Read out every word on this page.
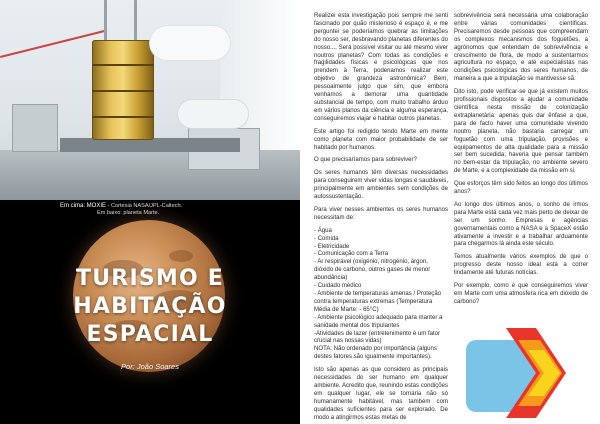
Em cima: MOXIE - Cortesia NASA/JPL-Caltech.
Em baixo: planeta Marte.
TURISMO E
HABITAÇÃO
ESPACIAL
Por: João Soares

Realizei esta investigação pois sempre me senti fascinado por quão misterioso é espaço é, e me perguntei se poderíamos quebrar as limitações do nosso ser, desbravando planetas diferentes do nosso.... Será possível visitar ou até mesmo viver noutros planetas? Com todas as condições e fragilidades físicas e psicológicas que nos prendem à Terra, poderiamos realizar este objetivo de grandeza astronômica? Bem, pessoalmente julgo que sim, que embora venhamos a demorar uma quantidade substancial de tempo, com muito trabalho árduo em vários planos da ciência e alguma esperança, conseguiremos viajar e habitar outros planetas.

Este artigo foi redigido tendo Marte em mente como planeta com maior probabilidade de ser habitado por humanos.

O que precisaríamos para sobreviver?

Os seres humanos têm diversas necessidades para conseguirem viver vidas longas e saudáveis, principalmente em ambientes sem condições de autossustentação.

Para viver nesses ambientes os seres humanos necessitam de:

- Água
- Comida
- Eletricidade
- Comunicação com a Terra
- Ar respirável (oxigénio, nitrogénio, árgon, dióxido de carbono, outros gases de menor abundância)
- Cuidado médico
- Ambiente de temperaturas amenas / Proteção contra temperaturas extremas (Temperatura Média de Marte: - 65°C)
- Ambiente psicológico adequado para manter a sanidade mental dos tripulantes
-Atividades de lazer (entretenimento é um fator crucial nas nossas vidas)
NOTA: Não ordenado por importância (alguns destes fatores são igualmente importantes).

Isto são apenas as que considero as principais necessidades do ser humano em qualquer ambiente. Acredito que, reunindo estas condições em qualquer lugar, ele se tornaria não só humanamente habitável, mas também com qualidades suficientes para ser explorado. De modo a atingirmos estas metas de

sobrevivência será necessária uma colaboração entre várias comunidades científicas. Precisaremos desde pessoas que compreendam os complexos mecanismos dos foguetões, a agrónomos que entendam de sobrevivência e crescimento de flora, de modo a sustentarmos agricultura no espaço, e até especialistas nas condições psicológicas dos seres humanos, de maneira a que a tripulação se mantivesse sã.

Dito isto, pode verificar-se que já existem muitos profissionais dispostos a ajudar a comunidade científica nesta missão de colonização extraplanetária: apenas quis dar ênfase a que, para de facto haver uma comunidade vivendo noutro planeta, não bastaria carregar um foguetão com uma tripulação, provisões e equipamentos de alta qualidade para a missão ser bem sucedida; haveria que pensar também no bem-estar da tripulação, no ambiente severo de Marte, e a complexidade da missão em si.

Que esforços têm sido feitos ao longo dos últimos anos?

Ao longo dos últimos anos, o sonho de irmos para Marte está cada vez mais perto de deixar de ser um sonho. Empresas e agências governamentais como a NASA e a SpaceX estão ativamente a investir e a trabalhar arduamente para chegarmos lá ainda este século.

Temos atualmente vários exemplos de que o progresso deste nosso ideal está a correr lindamente até futuras notícias.

Por exemplo, como é que conseguiremos viver em Marte com uma atmosfera rica em dióxido de carbono?
